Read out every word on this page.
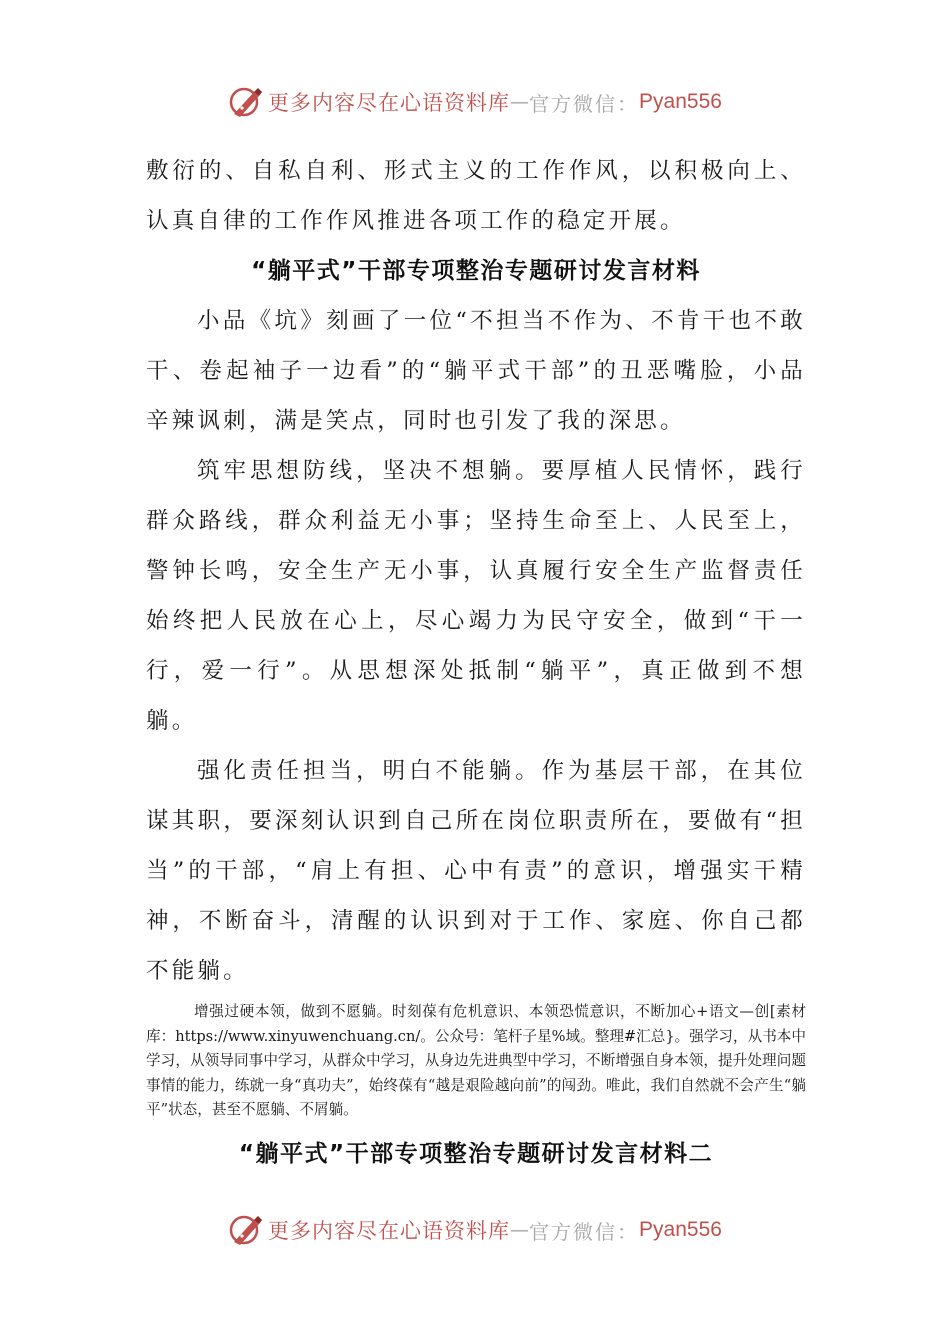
更多内容尽在心语资料库 — 官方微信： Pyan556

敷衍的、自私自利、形式主义的工作作风，以积极向上、认真自律的工作作风推进各项工作的稳定开展。

“躺平式”干部专项整治专题研讨发言材料

小品《坑》刻画了一位“不担当不作为、不肯干也不敢干、卷起袖子一边看”的“躺平式干部”的丑恶嘴脸，小品辛辣讽刺，满是笑点，同时也引发了我的深思。

筑牢思想防线，坚决不想躺。要厚植人民情怀，践行群众路线，群众利益无小事；坚持生命至上、人民至上，警钟长鸣，安全生产无小事，认真履行安全生产监督责任始终把人民放在心上，尽心竭力为民守安全，做到“干一行，爱一行”。从思想深处抵制“躺平”，真正做到不想躺。

强化责任担当，明白不能躺。作为基层干部，在其位谋其职，要深刻认识到自己所在岗位职责所在，要做有“担当”的干部，“肩上有担、心中有责”的意识，增强实干精神，不断奋斗，清醒的认识到对于工作、家庭、你自己都不能躺。

增强过硬本领，做到不愿躺。时刻葆有危机意识、本领恐慌意识，不断加心+语文—创[素材库：https://www.xinyuwenchuang.cn/。公众号：笔杆子星%域。整理#汇总}。强学习，从书本中学习，从领导同事中学习，从群众中学习，从身边先进典型中学习，不断增强自身本领，提升处理问题事情的能力，练就一身“真功夫”，始终葆有“越是艰险越向前”的闯劲。唯此，我们自然就不会产生“躺平”状态，甚至不愿躺、不屑躺。

“躺平式”干部专项整治专题研讨发言材料二

更多内容尽在心语资料库 — 官方微信： Pyan556
